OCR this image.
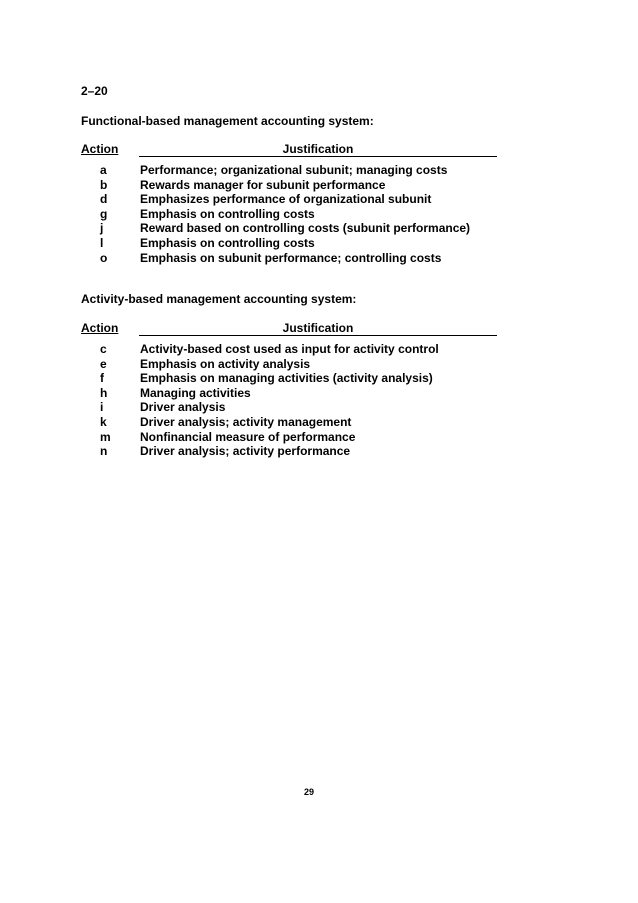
2–20
Functional-based management accounting system:
Action	Justification
a	Performance; organizational subunit; managing costs
b	Rewards manager for subunit performance
d	Emphasizes performance of organizational subunit
g	Emphasis on controlling costs
j	Reward based on controlling costs (subunit performance)
l	Emphasis on controlling costs
o	Emphasis on subunit performance; controlling costs
Activity-based management accounting system:
Action	Justification
c	Activity-based cost used as input for activity control
e	Emphasis on activity analysis
f	Emphasis on managing activities (activity analysis)
h	Managing activities
i	Driver analysis
k	Driver analysis; activity management
m Nonfinancial measure of performance
n	Driver analysis; activity performance
29
